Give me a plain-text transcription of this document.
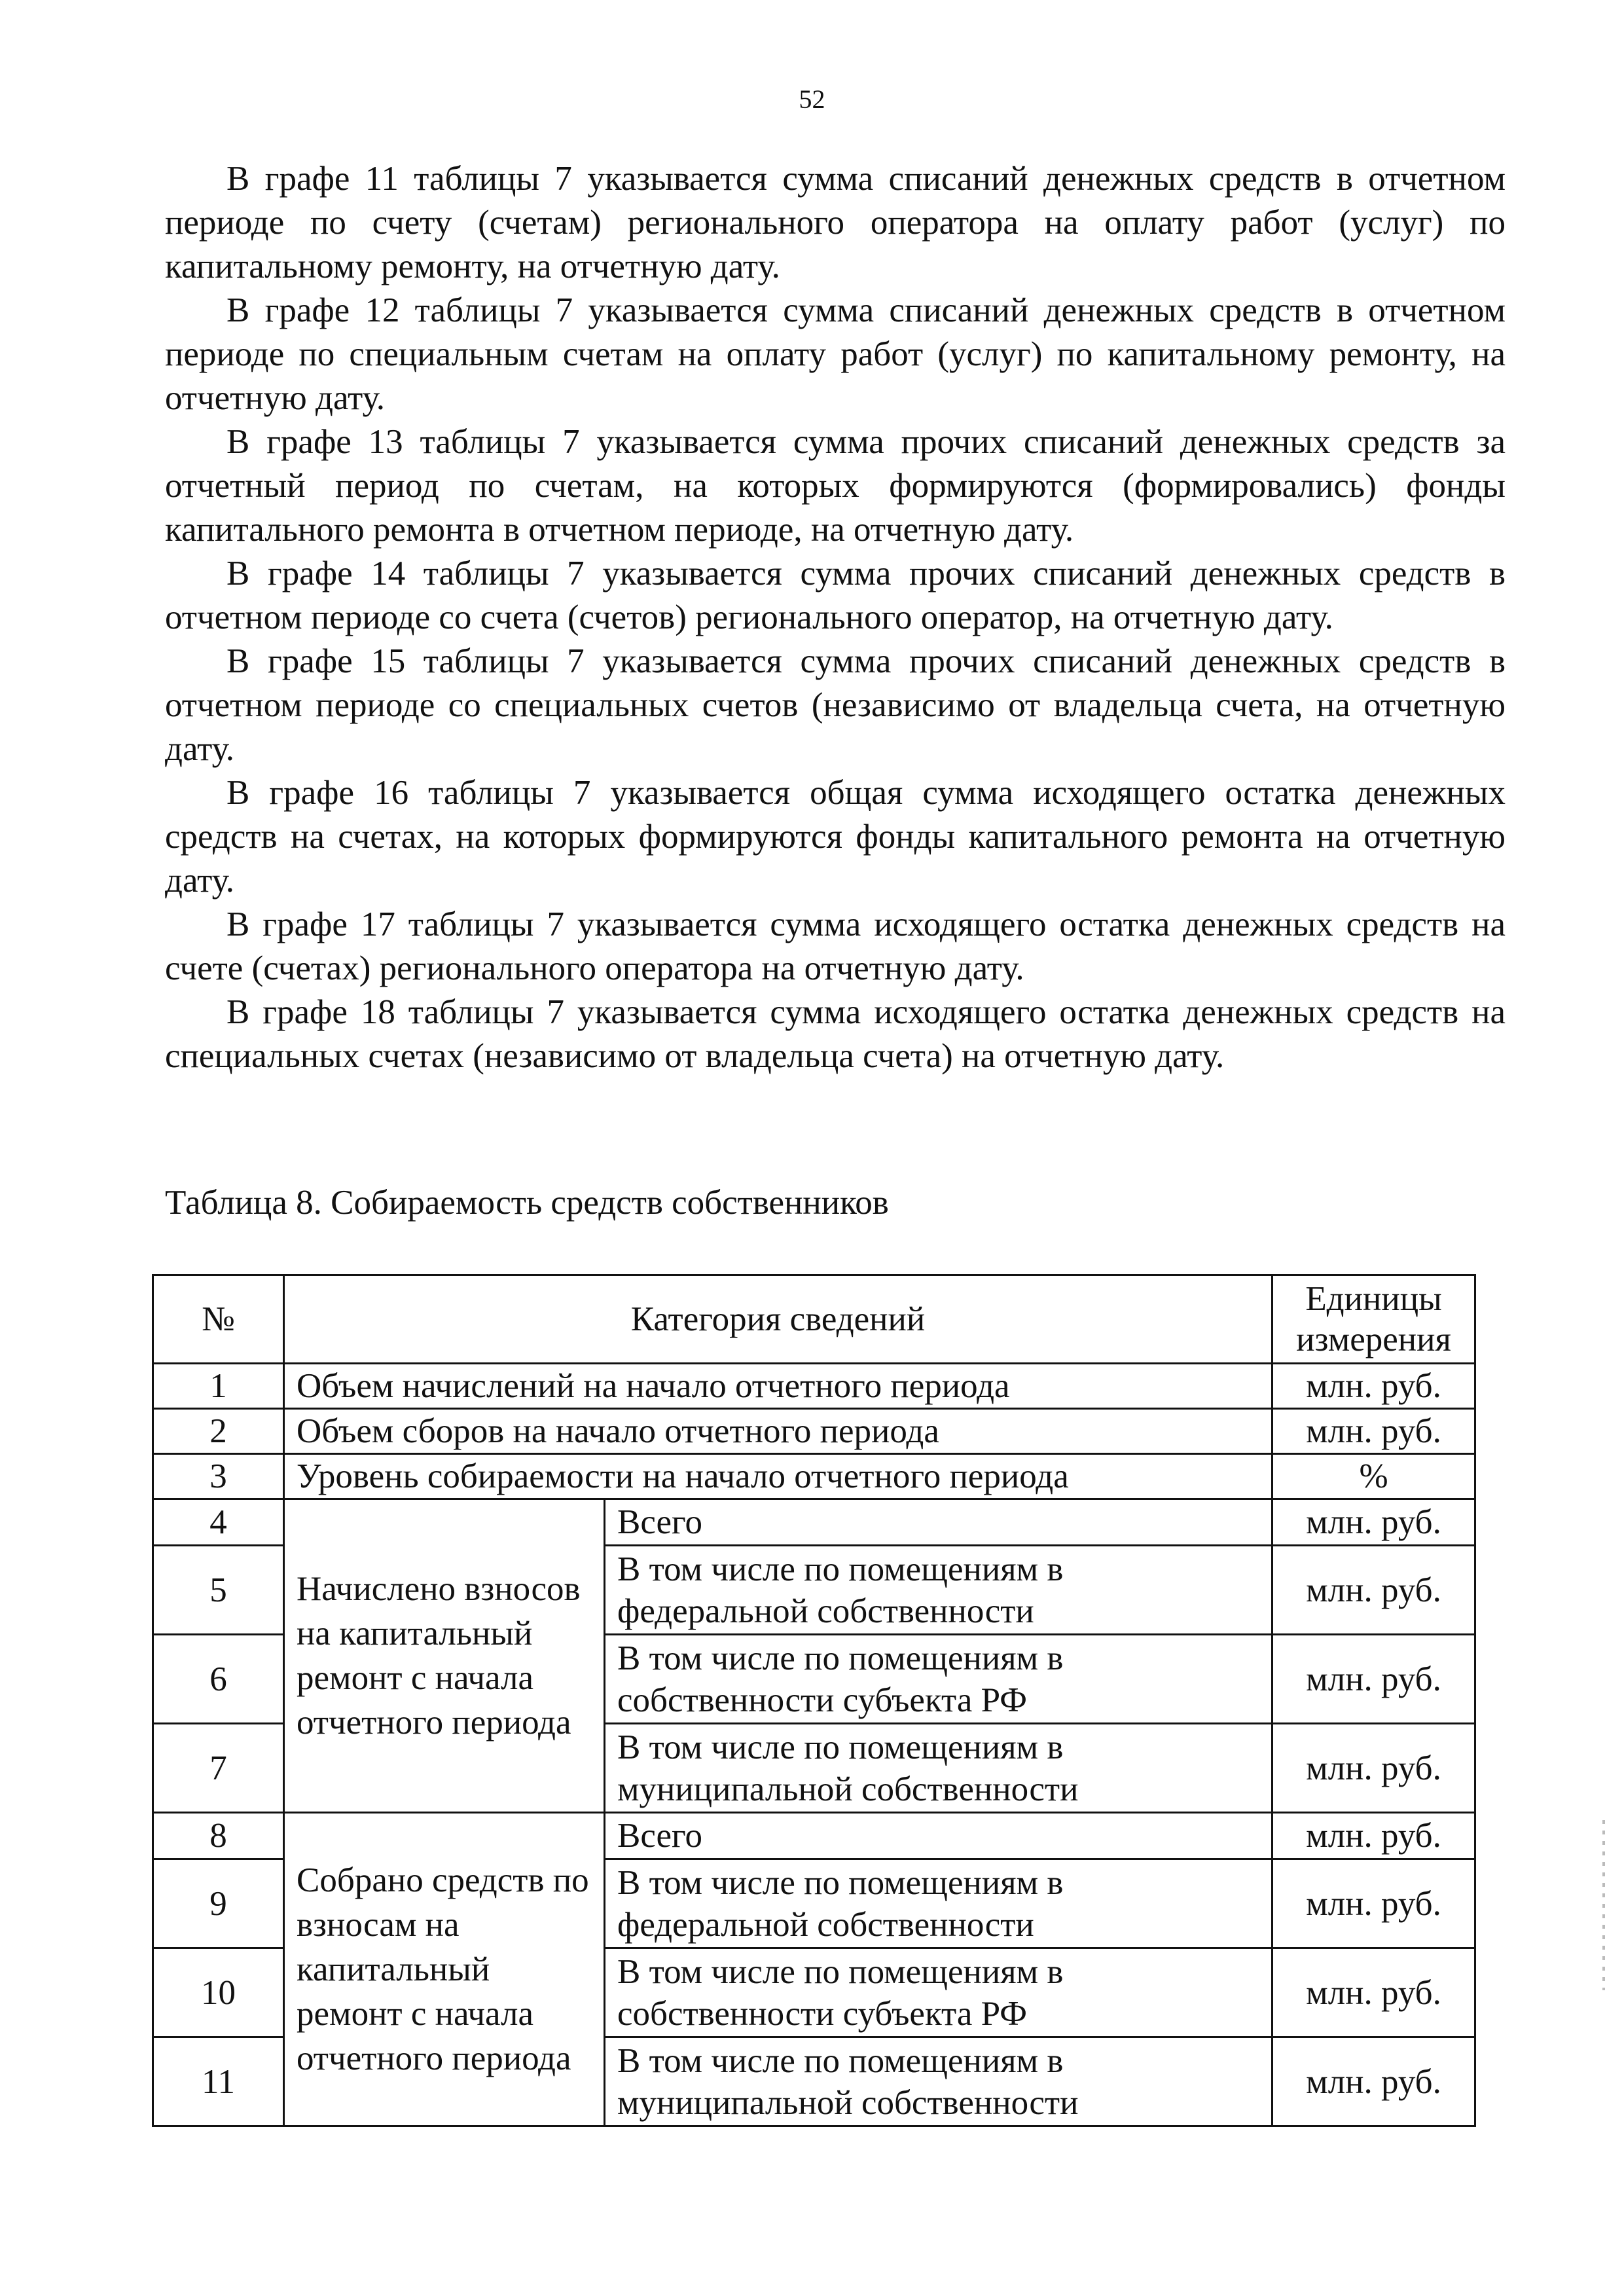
52

В графе 11 таблицы 7 указывается сумма списаний денежных средств в отчетном периоде по счету (счетам) регионального оператора на оплату работ (услуг) по капитальному ремонту, на отчетную дату.

В графе 12 таблицы 7 указывается сумма списаний денежных средств в отчетном периоде по специальным счетам на оплату работ (услуг) по капитальному ремонту, на отчетную дату.

В графе 13 таблицы 7 указывается сумма прочих списаний денежных средств за отчетный период по счетам, на которых формируются (формировались) фонды капитального ремонта в отчетном периоде, на отчетную дату.

В графе 14 таблицы 7 указывается сумма прочих списаний денежных средств в отчетном периоде со счета (счетов) регионального оператор, на отчетную дату.

В графе 15 таблицы 7 указывается сумма прочих списаний денежных средств в отчетном периоде со специальных счетов (независимо от владельца счета, на отчетную дату.

В графе 16 таблицы 7 указывается общая сумма исходящего остатка денежных средств на счетах, на которых формируются фонды капитального ремонта на отчетную дату.

В графе 17 таблицы 7 указывается сумма исходящего остатка денежных средств на счете (счетах) регионального оператора на отчетную дату.

В графе 18 таблицы 7 указывается сумма исходящего остатка денежных средств на специальных счетах (независимо от владельца счета) на отчетную дату.

Таблица 8. Собираемость средств собственников
№	Категория сведений		Единицы измерения
1	Объем начислений на начало отчетного периода		млн. руб.
2	Объем сборов на начало отчетного периода		млн. руб.
3	Уровень собираемости на начало отчетного периода		%
4	Начислено взносов на капитальный ремонт с начала отчетного периода	Всего	млн. руб.
5		В том числе по помещениям в федеральной собственности	млн. руб.
6		В том числе по помещениям в собственности субъекта РФ	млн. руб.
7		В том числе по помещениям в муниципальной собственности	млн. руб.
8	Собрано средств по взносам на капитальный ремонт с начала отчетного периода	Всего	млн. руб.
9		В том числе по помещениям в федеральной собственности	млн. руб.
10		В том числе по помещениям в собственности субъекта РФ	млн. руб.
11		В том числе по помещениям в муниципальной собственности	млн. руб.
